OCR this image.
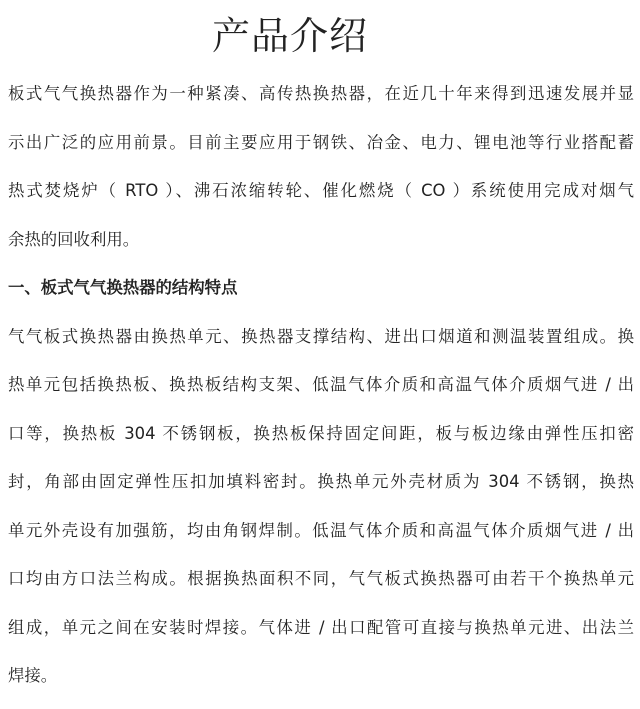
产品介绍

板式气气换热器作为一种紧凑、高传热换热器，在近几十年来得到迅速发展并显
示出广泛的应用前景。目前主要应用于钢铁、冶金、电力、锂电池等行业搭配蓄
热式焚烧炉（ RTO ）、沸石浓缩转轮、催化燃烧（ CO ）系统使用完成对烟气
余热的回收利用。

一、板式气气换热器的结构特点

气气板式换热器由换热单元、换热器支撑结构、进出口烟道和测温装置组成。换
热单元包括换热板、换热板结构支架、低温气体介质和高温气体介质烟气进 / 出
口等，换热板 304 不锈钢板，换热板保持固定间距，板与板边缘由弹性压扣密
封，角部由固定弹性压扣加填料密封。换热单元外壳材质为 304 不锈钢，换热
单元外壳设有加强筋，均由角钢焊制。低温气体介质和高温气体介质烟气进 / 出
口均由方口法兰构成。根据换热面积不同，气气板式换热器可由若干个换热单元
组成，单元之间在安装时焊接。气体进 / 出口配管可直接与换热单元进、出法兰
焊接。
